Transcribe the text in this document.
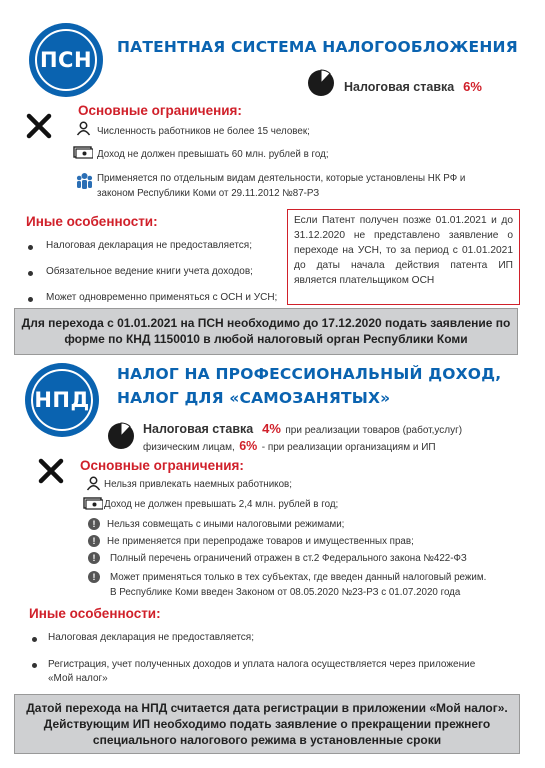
ПСН
ПАТЕНТНАЯ СИСТЕМА НАЛОГООБЛОЖЕНИЯ
Налоговая ставка 6%
Основные ограничения:
Численность работников не более 15 человек;
Доход не должен превышать 60 млн. рублей в год;
Применяется по отдельным видам деятельности, которые установлены НК РФ и
законом Республики Коми от 29.11.2012 №87-РЗ
Иные особенности:
Налоговая декларация не предоставляется;
Обязательное ведение книги учета доходов;
Может одновременно применяться с ОСН и УСН;
Если Патент получен позже 01.01.2021 и до 31.12.2020 не представлено заявление о переходе на УСН, то за период с 01.01.2021 до даты начала действия патента ИП является плательщиком ОСН
Для перехода с 01.01.2021 на ПСН необходимо до 17.12.2020 подать заявление по
форме по КНД 1150010 в любой налоговый орган Республики Коми
НПД
НАЛОГ НА ПРОФЕССИОНАЛЬНЫЙ ДОХОД,
НАЛОГ ДЛЯ «САМОЗАНЯТЫХ»
Налоговая ставка 4% при реализации товаров (работ,услуг)
физическим лицам, 6% - при реализации организациям и ИП
Основные ограничения:
Нельзя привлекать наемных работников;
Доход не должен превышать 2,4 млн. рублей в год;
!	Нельзя совмещать с иными налоговыми режимами;
!	Не применяется при перепродаже товаров и имущественных прав;
!	Полный перечень ограничений отражен в ст.2 Федерального закона №422-ФЗ
!	Может применяться только в тех субъектах, где введен данный налоговый режим.
В Республике Коми введен Законом от 08.05.2020 №23-РЗ с 01.07.2020 года
Иные особенности:
Налоговая декларация не предоставляется;
Регистрация, учет полученных доходов и уплата налога осуществляется через приложение
«Мой налог»
Датой перехода на НПД считается дата регистрации в приложении «Мой налог».
Действующим ИП необходимо подать заявление о прекращении прежнего
специального налогового режима в установленные сроки
